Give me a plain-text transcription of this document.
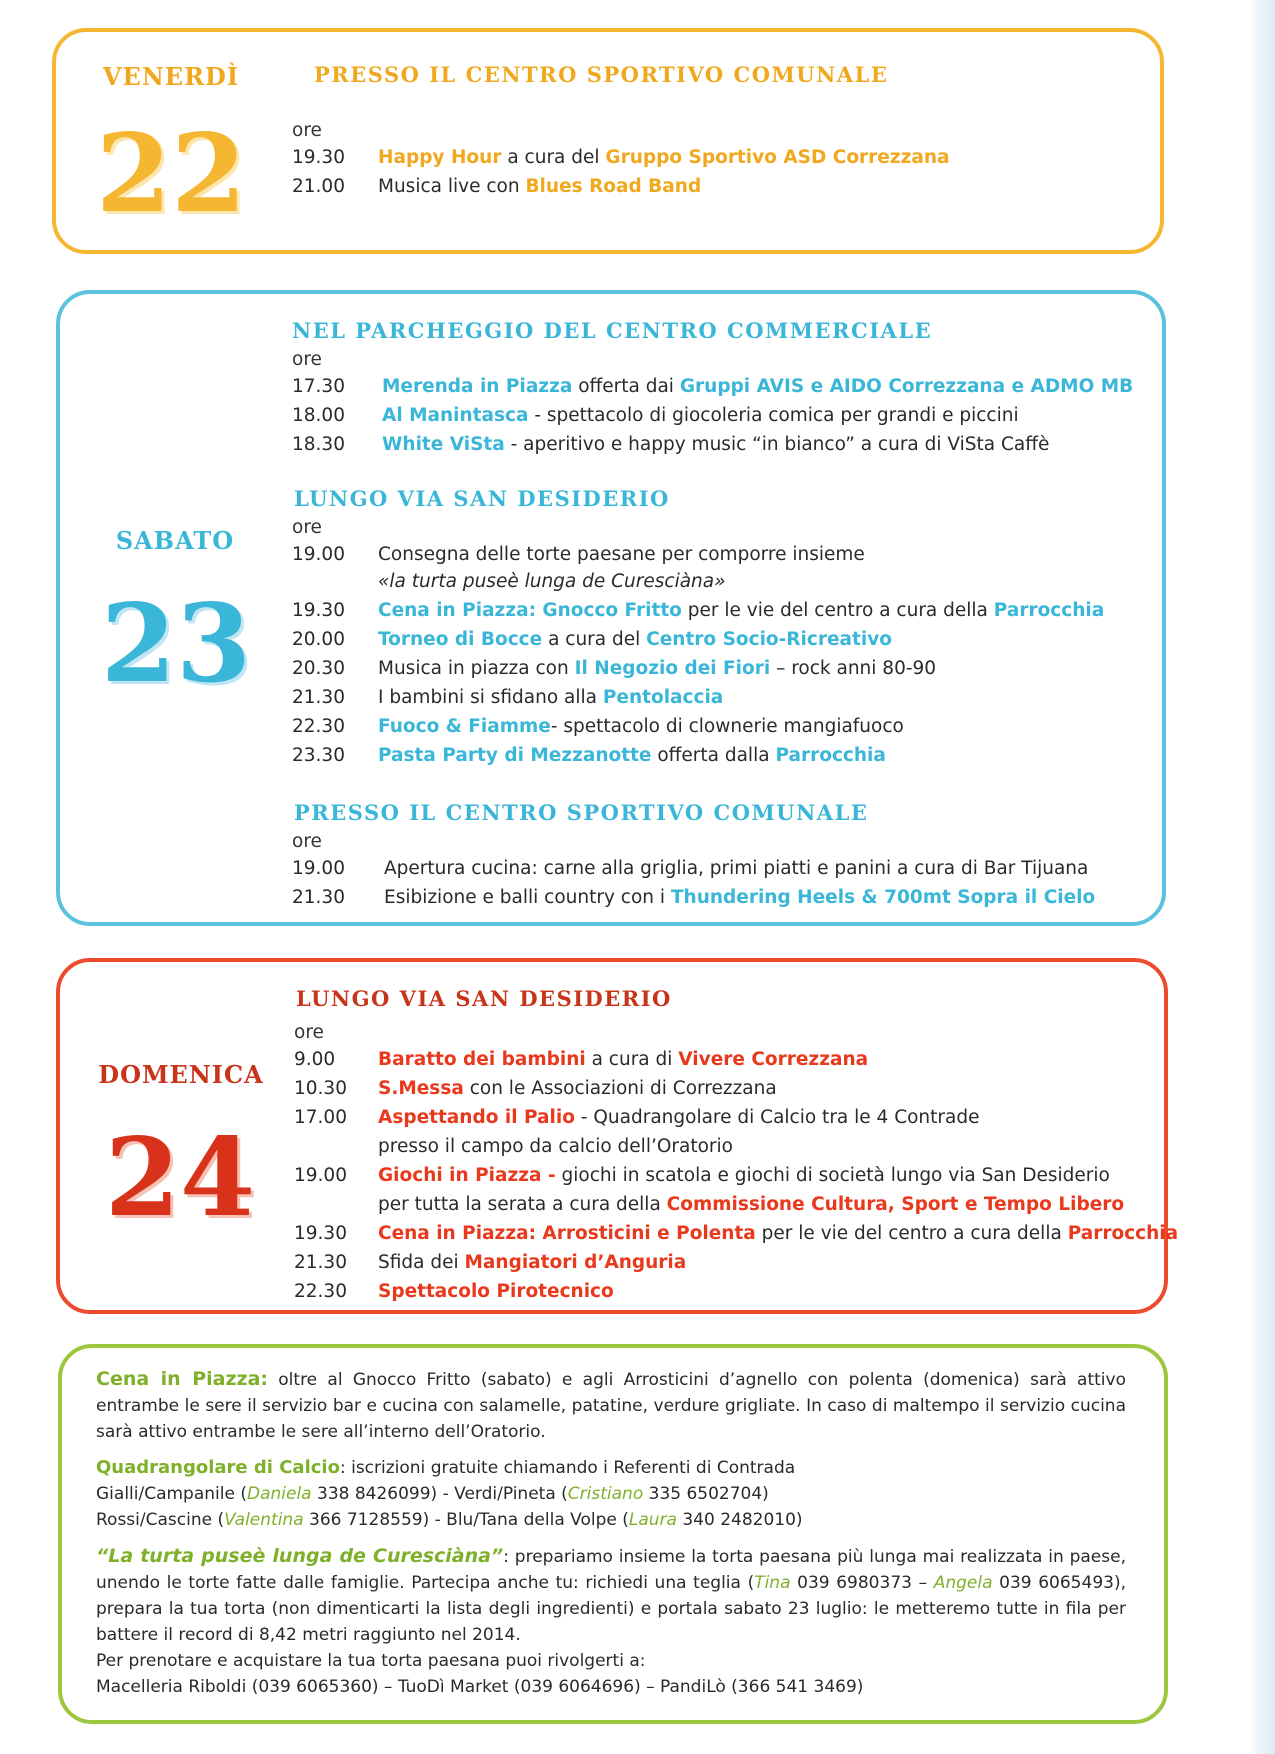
VENERDÌ
22
PRESSO IL CENTRO SPORTIVO COMUNALE
ore
19.30 Happy Hour a cura del Gruppo Sportivo ASD Correzzana
21.00 Musica live con Blues Road Band
SABATO
23
NEL PARCHEGGIO DEL CENTRO COMMERCIALE
ore
17.30 Merenda in Piazza offerta dai Gruppi AVIS e AIDO Correzzana e ADMO MB
18.00 Al Manintasca - spettacolo di giocoleria comica per grandi e piccini
18.30 White ViSta - aperitivo e happy music “in bianco” a cura di ViSta Caffè
LUNGO VIA SAN DESIDERIO
ore
19.00 Consegna delle torte paesane per comporre insieme
«la turta puseè lunga de Curesciàna»
19.30 Cena in Piazza: Gnocco Fritto per le vie del centro a cura della Parrocchia
20.00 Torneo di Bocce a cura del Centro Socio-Ricreativo
20.30 Musica in piazza con Il Negozio dei Fiori – rock anni 80-90
21.30 I bambini si sfidano alla Pentolaccia
22.30 Fuoco & Fiamme- spettacolo di clownerie mangiafuoco
23.30 Pasta Party di Mezzanotte offerta dalla Parrocchia
PRESSO IL CENTRO SPORTIVO COMUNALE
ore
19.00 Apertura cucina: carne alla griglia, primi piatti e panini a cura di Bar Tijuana
21.30 Esibizione e balli country con i Thundering Heels & 700mt Sopra il Cielo
DOMENICA
24
LUNGO VIA SAN DESIDERIO
ore
9.00 Baratto dei bambini a cura di Vivere Correzzana
10.30 S.Messa con le Associazioni di Correzzana
17.00 Aspettando il Palio - Quadrangolare di Calcio tra le 4 Contrade
presso il campo da calcio dell’Oratorio
19.00 Giochi in Piazza - giochi in scatola e giochi di società lungo via San Desiderio
per tutta la serata a cura della Commissione Cultura, Sport e Tempo Libero
19.30 Cena in Piazza: Arrosticini e Polenta per le vie del centro a cura della Parrocchia
21.30 Sfida dei Mangiatori d’Anguria
22.30 Spettacolo Pirotecnico

Cena in Piazza: oltre al Gnocco Fritto (sabato) e agli Arrosticini d’agnello con polenta (domenica) sarà attivo entrambe le sere il servizio bar e cucina con salamelle, patatine, verdure grigliate. In caso di maltempo il servizio cucina sarà attivo entrambe le sere all’interno dell’Oratorio.

Quadrangolare di Calcio: iscrizioni gratuite chiamando i Referenti di Contrada

Gialli/Campanile (Daniela 338 8426099) - Verdi/Pineta (Cristiano 335 6502704)

Rossi/Cascine (Valentina 366 7128559) - Blu/Tana della Volpe (Laura 340 2482010)

“La turta puseè lunga de Curesciàna”: prepariamo insieme la torta paesana più lunga mai realizzata in paese, unendo le torte fatte dalle famiglie. Partecipa anche tu: richiedi una teglia (Tina 039 6980373 – Angela 039 6065493), prepara la tua torta (non dimenticarti la lista degli ingredienti) e portala sabato 23 luglio: le metteremo tutte in fila per battere il record di 8,42 metri raggiunto nel 2014.

Per prenotare e acquistare la tua torta paesana puoi rivolgerti a:

Macelleria Riboldi (039 6065360) – TuoDì Market (039 6064696) – PandiLò (366 541 3469)
